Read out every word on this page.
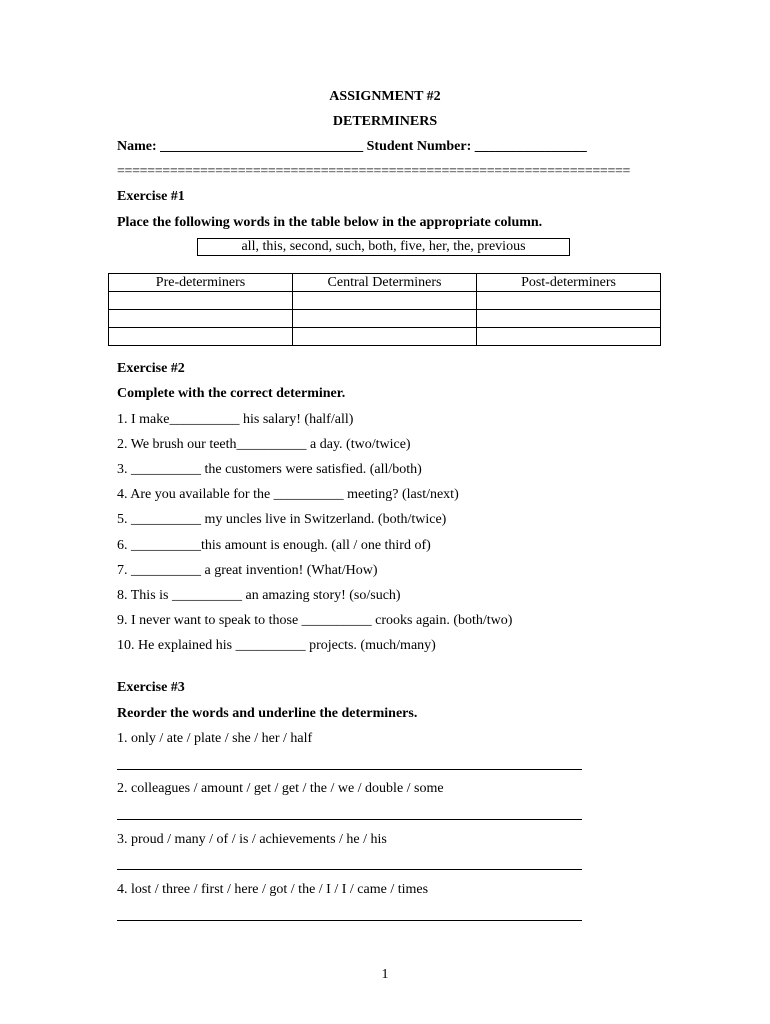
ASSIGNMENT #2
DETERMINERS
Name: _____________________________ Student Number: ________________
====================================================================
Exercise #1
Place the following words in the table below in the appropriate column.
all, this, second, such, both, five, her, the, previous
Pre-determiners	Central Determiners	Post-determiners

Exercise #2
Complete with the correct determiner.
1. I make__________ his salary! (half/all)
2. We brush our teeth__________ a day. (two/twice)
3. __________ the customers were satisfied. (all/both)
4. Are you available for the __________ meeting? (last/next)
5. __________ my uncles live in Switzerland. (both/twice)
6. __________this amount is enough. (all / one third of)
7. __________ a great invention! (What/How)
8. This is __________ an amazing story! (so/such)
9. I never want to speak to those __________ crooks again. (both/two)
10. He explained his __________ projects. (much/many)
Exercise #3
Reorder the words and underline the determiners.
1. only / ate / plate / she / her / half
2. colleagues / amount / get / get / the / we / double / some
3. proud / many / of / is / achievements / he / his
4. lost / three / first / here / got / the / I / I / came / times
1
